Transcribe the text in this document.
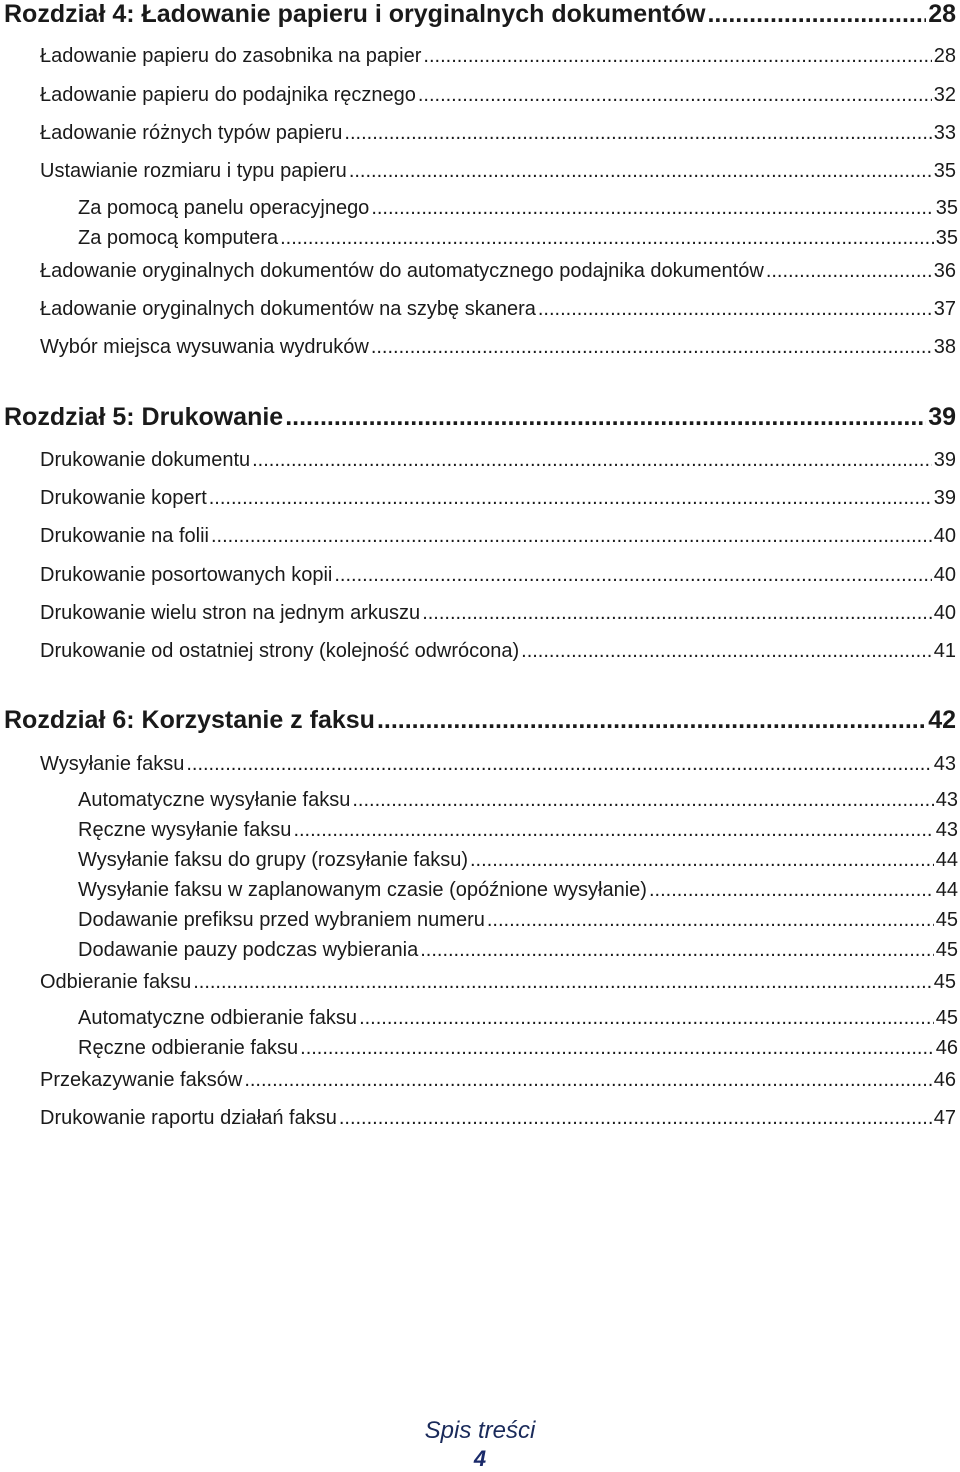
Rozdział 4: Ładowanie papieru i oryginalnych dokumentów .....	28
Ładowanie papieru do zasobnika na papier .....	28
Ładowanie papieru do podajnika ręcznego .....	32
Ładowanie różnych typów papieru .....	33
Ustawianie rozmiaru i typu papieru .....	35
Za pomocą panelu operacyjnego .....	35
Za pomocą komputera .....	35
Ładowanie oryginalnych dokumentów do automatycznego podajnika dokumentów .....	36
Ładowanie oryginalnych dokumentów na szybę skanera .....	37
Wybór miejsca wysuwania wydruków .....	38
Rozdział 5: Drukowanie .....	39
Drukowanie dokumentu .....	39
Drukowanie kopert .....	39
Drukowanie na folii .....	40
Drukowanie posortowanych kopii .....	40
Drukowanie wielu stron na jednym arkuszu .....	40
Drukowanie od ostatniej strony (kolejność odwrócona) .....	41
Rozdział 6: Korzystanie z faksu .....	42
Wysyłanie faksu .....	43
Automatyczne wysyłanie faksu .....	43
Ręczne wysyłanie faksu .....	43
Wysyłanie faksu do grupy (rozsyłanie faksu) .....	44
Wysyłanie faksu w zaplanowanym czasie (opóźnione wysyłanie) .....	44
Dodawanie prefiksu przed wybraniem numeru .....	45
Dodawanie pauzy podczas wybierania .....	45
Odbieranie faksu .....	45
Automatyczne odbieranie faksu .....	45
Ręczne odbieranie faksu .....	46
Przekazywanie faksów .....	46
Drukowanie raportu działań faksu .....	47
Spis treści
4
